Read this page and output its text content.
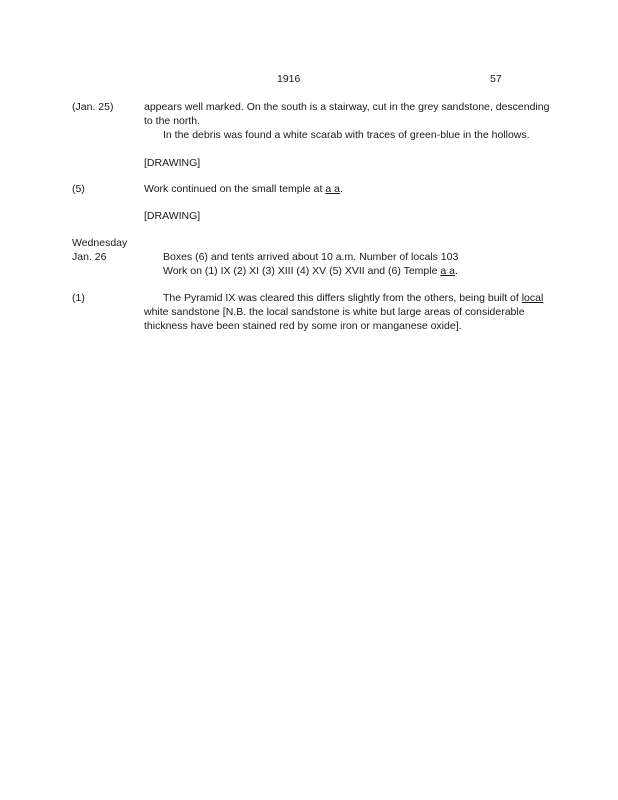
1916	57
(Jan. 25)	appears well marked. On the south is a stairway, cut in the grey sandstone, descending
to the north.
In the debris was found a white scarab with traces of green-blue in the hollows.
[DRAWING]
(5)	Work continued on the small temple at a a.
[DRAWING]
Wednesday
Jan. 26	Boxes (6) and tents arrived about 10 a.m. Number of locals 103
Work on (1) IX (2) XI (3) XIII (4) XV (5) XVII and (6) Temple a a.
(1)	The Pyramid IX was cleared this differs slightly from the others, being built of local
white sandstone [N.B. the local sandstone is white but large areas of considerable
thickness have been stained red by some iron or manganese oxide].
